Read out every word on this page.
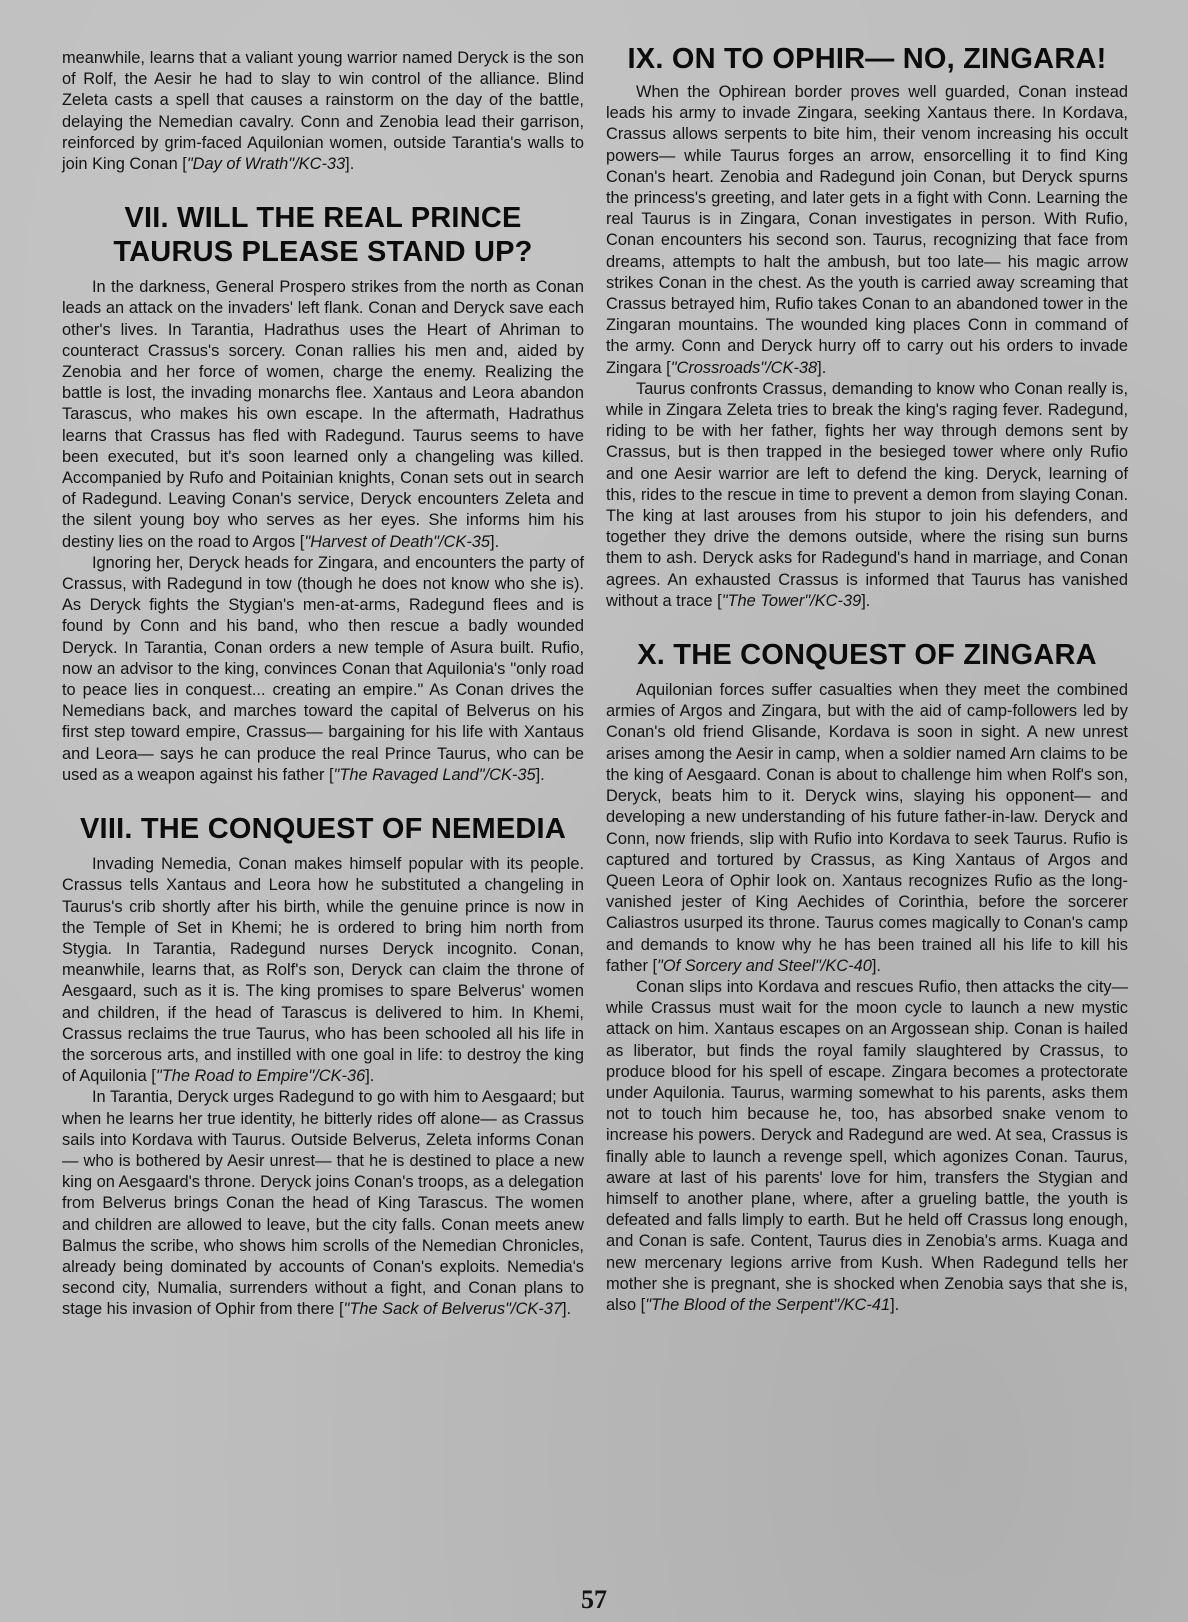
meanwhile, learns that a valiant young warrior named Deryck is the son of Rolf, the Aesir he had to slay to win control of the alliance. Blind Zeleta casts a spell that causes a rainstorm on the day of the battle, delaying the Nemedian cavalry. Conn and Zenobia lead their garrison, reinforced by grim-faced Aquilonian women, outside Tarantia's walls to join King Conan ["Day of Wrath"/KC-33].

VII. WILL THE REAL PRINCE TAURUS PLEASE STAND UP?

In the darkness, General Prospero strikes from the north as Conan leads an attack on the invaders' left flank. Conan and Deryck save each other's lives. In Tarantia, Hadrathus uses the Heart of Ahriman to counteract Crassus's sorcery. Conan rallies his men and, aided by Zenobia and her force of women, charge the enemy. Realizing the battle is lost, the invading monarchs flee. Xantaus and Leora abandon Tarascus, who makes his own escape. In the aftermath, Hadrathus learns that Crassus has fled with Radegund. Taurus seems to have been executed, but it's soon learned only a changeling was killed. Accompanied by Rufo and Poitainian knights, Conan sets out in search of Radegund. Leaving Conan's service, Deryck encounters Zeleta and the silent young boy who serves as her eyes. She informs him his destiny lies on the road to Argos ["Harvest of Death"/CK-35].

Ignoring her, Deryck heads for Zingara, and encounters the party of Crassus, with Radegund in tow (though he does not know who she is). As Deryck fights the Stygian's men-at-arms, Radegund flees and is found by Conn and his band, who then rescue a badly wounded Deryck. In Tarantia, Conan orders a new temple of Asura built. Rufio, now an advisor to the king, convinces Conan that Aquilonia's "only road to peace lies in conquest... creating an empire." As Conan drives the Nemedians back, and marches toward the capital of Belverus on his first step toward empire, Crassus— bargaining for his life with Xantaus and Leora— says he can produce the real Prince Taurus, who can be used as a weapon against his father ["The Ravaged Land"/CK-35].

VIII. THE CONQUEST OF NEMEDIA

Invading Nemedia, Conan makes himself popular with its people. Crassus tells Xantaus and Leora how he substituted a changeling in Taurus's crib shortly after his birth, while the genuine prince is now in the Temple of Set in Khemi; he is ordered to bring him north from Stygia. In Tarantia, Radegund nurses Deryck incognito. Conan, meanwhile, learns that, as Rolf's son, Deryck can claim the throne of Aesgaard, such as it is. The king promises to spare Belverus' women and children, if the head of Tarascus is delivered to him. In Khemi, Crassus reclaims the true Taurus, who has been schooled all his life in the sorcerous arts, and instilled with one goal in life: to destroy the king of Aquilonia ["The Road to Empire"/CK-36].

In Tarantia, Deryck urges Radegund to go with him to Aesgaard; but when he learns her true identity, he bitterly rides off alone— as Crassus sails into Kordava with Taurus. Outside Belverus, Zeleta informs Conan— who is bothered by Aesir unrest— that he is destined to place a new king on Aesgaard's throne. Deryck joins Conan's troops, as a delegation from Belverus brings Conan the head of King Tarascus. The women and children are allowed to leave, but the city falls. Conan meets anew Balmus the scribe, who shows him scrolls of the Nemedian Chronicles, already being dominated by accounts of Conan's exploits. Nemedia's second city, Numalia, surrenders without a fight, and Conan plans to stage his invasion of Ophir from there ["The Sack of Belverus"/CK-37].

IX. ON TO OPHIR— NO, ZINGARA!

When the Ophirean border proves well guarded, Conan instead leads his army to invade Zingara, seeking Xantaus there. In Kordava, Crassus allows serpents to bite him, their venom increasing his occult powers— while Taurus forges an arrow, ensorcelling it to find King Conan's heart. Zenobia and Radegund join Conan, but Deryck spurns the princess's greeting, and later gets in a fight with Conn. Learning the real Taurus is in Zingara, Conan investigates in person. With Rufio, Conan encounters his second son. Taurus, recognizing that face from dreams, attempts to halt the ambush, but too late— his magic arrow strikes Conan in the chest. As the youth is carried away screaming that Crassus betrayed him, Rufio takes Conan to an abandoned tower in the Zingaran mountains. The wounded king places Conn in command of the army. Conn and Deryck hurry off to carry out his orders to invade Zingara ["Crossroads"/CK-38].

Taurus confronts Crassus, demanding to know who Conan really is, while in Zingara Zeleta tries to break the king's raging fever. Radegund, riding to be with her father, fights her way through demons sent by Crassus, but is then trapped in the besieged tower where only Rufio and one Aesir warrior are left to defend the king. Deryck, learning of this, rides to the rescue in time to prevent a demon from slaying Conan. The king at last arouses from his stupor to join his defenders, and together they drive the demons outside, where the rising sun burns them to ash. Deryck asks for Radegund's hand in marriage, and Conan agrees. An exhausted Crassus is informed that Taurus has vanished without a trace ["The Tower"/KC-39].

X. THE CONQUEST OF ZINGARA

Aquilonian forces suffer casualties when they meet the combined armies of Argos and Zingara, but with the aid of camp-followers led by Conan's old friend Glisande, Kordava is soon in sight. A new unrest arises among the Aesir in camp, when a soldier named Arn claims to be the king of Aesgaard. Conan is about to challenge him when Rolf's son, Deryck, beats him to it. Deryck wins, slaying his opponent— and developing a new understanding of his future father-in-law. Deryck and Conn, now friends, slip with Rufio into Kordava to seek Taurus. Rufio is captured and tortured by Crassus, as King Xantaus of Argos and Queen Leora of Ophir look on. Xantaus recognizes Rufio as the long-vanished jester of King Aechides of Corinthia, before the sorcerer Caliastros usurped its throne. Taurus comes magically to Conan's camp and demands to know why he has been trained all his life to kill his father ["Of Sorcery and Steel"/KC-40].

Conan slips into Kordava and rescues Rufio, then attacks the city— while Crassus must wait for the moon cycle to launch a new mystic attack on him. Xantaus escapes on an Argossean ship. Conan is hailed as liberator, but finds the royal family slaughtered by Crassus, to produce blood for his spell of escape. Zingara becomes a protectorate under Aquilonia. Taurus, warming somewhat to his parents, asks them not to touch him because he, too, has absorbed snake venom to increase his powers. Deryck and Radegund are wed. At sea, Crassus is finally able to launch a revenge spell, which agonizes Conan. Taurus, aware at last of his parents' love for him, transfers the Stygian and himself to another plane, where, after a grueling battle, the youth is defeated and falls limply to earth. But he held off Crassus long enough, and Conan is safe. Content, Taurus dies in Zenobia's arms. Kuaga and new mercenary legions arrive from Kush. When Radegund tells her mother she is pregnant, she is shocked when Zenobia says that she is, also ["The Blood of the Serpent"/KC-41].

57
